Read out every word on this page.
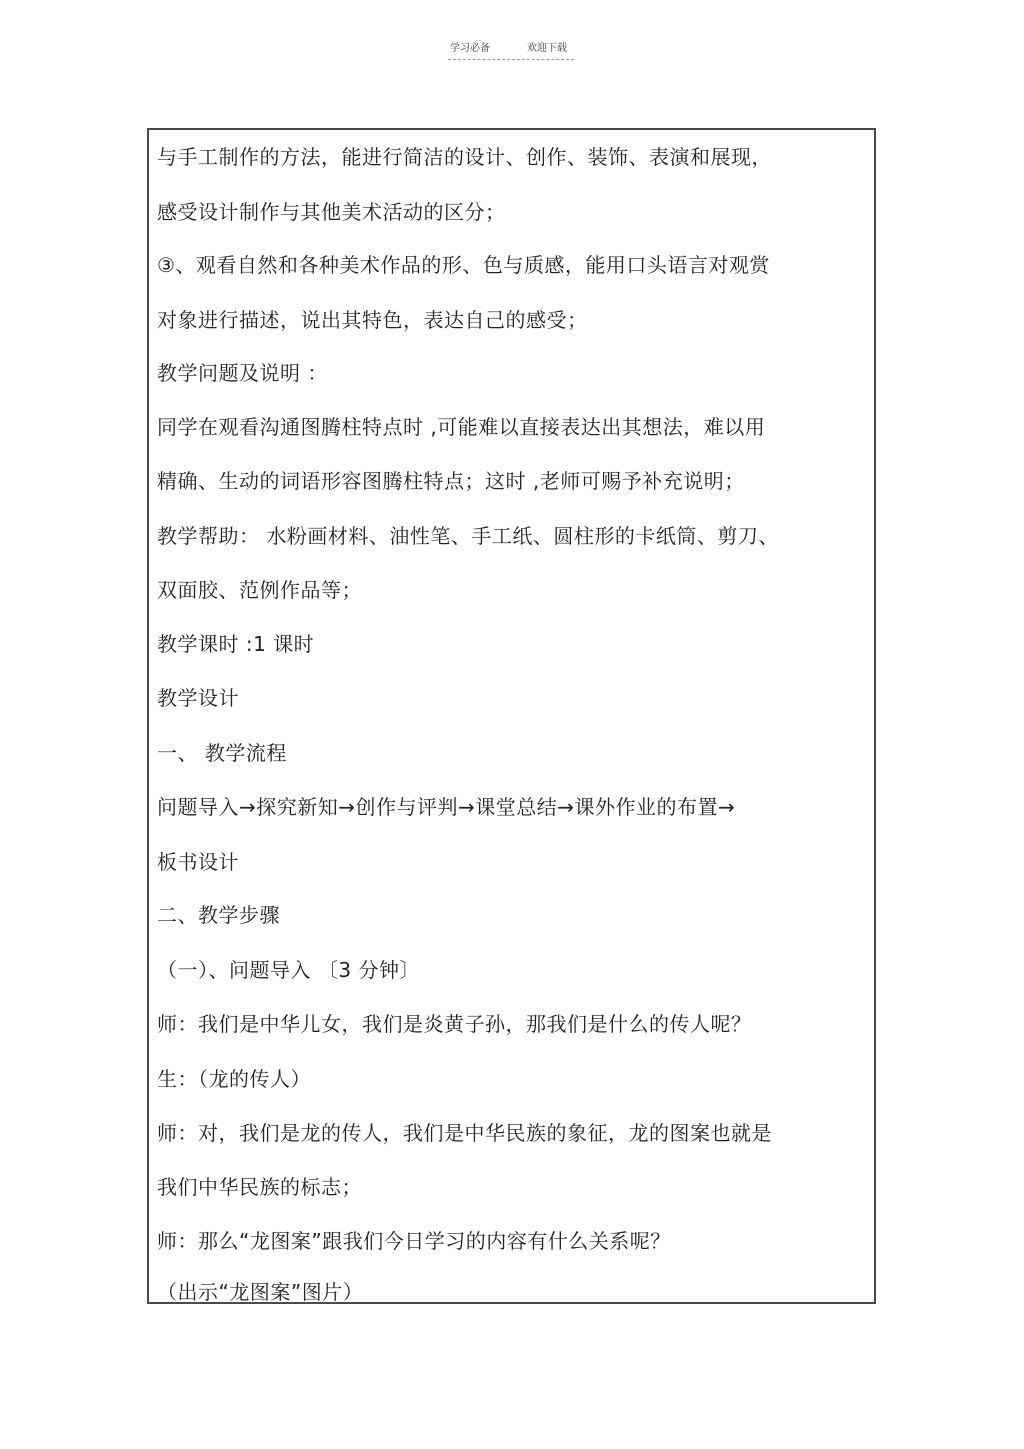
学习必备	欢迎下载
与手工制作的方法，能进行简洁的设计、创作、装饰、表演和展现，
感受设计制作与其他美术活动的区分；
③、观看自然和各种美术作品的形、色与质感，能用口头语言对观赏
对象进行描述，说出其特色，表达自己的感受；
教学问题及说明 ：
同学在观看沟通图腾柱特点时 ,可能难以直接表达出其想法，难以用
精确、生动的词语形容图腾柱特点；这时 ,老师可赐予补充说明；
教学帮助： 水粉画材料、油性笔、手工纸、圆柱形的卡纸筒、剪刀、
双面胶、范例作品等；
教学课时 :1 课时
教学设计
一、 教学流程
问题导入→探究新知→创作与评判→课堂总结→课外作业的布置→
板书设计
二、教学步骤
（一）、问题导入 〔3 分钟〕
师：我们是中华儿女，我们是炎黄子孙，那我们是什么的传人呢？
生：（龙的传人）
师：对，我们是龙的传人，我们是中华民族的象征，龙的图案也就是
我们中华民族的标志；
师：那么“龙图案”跟我们今日学习的内容有什么关系呢？
（出示“龙图案”图片）
